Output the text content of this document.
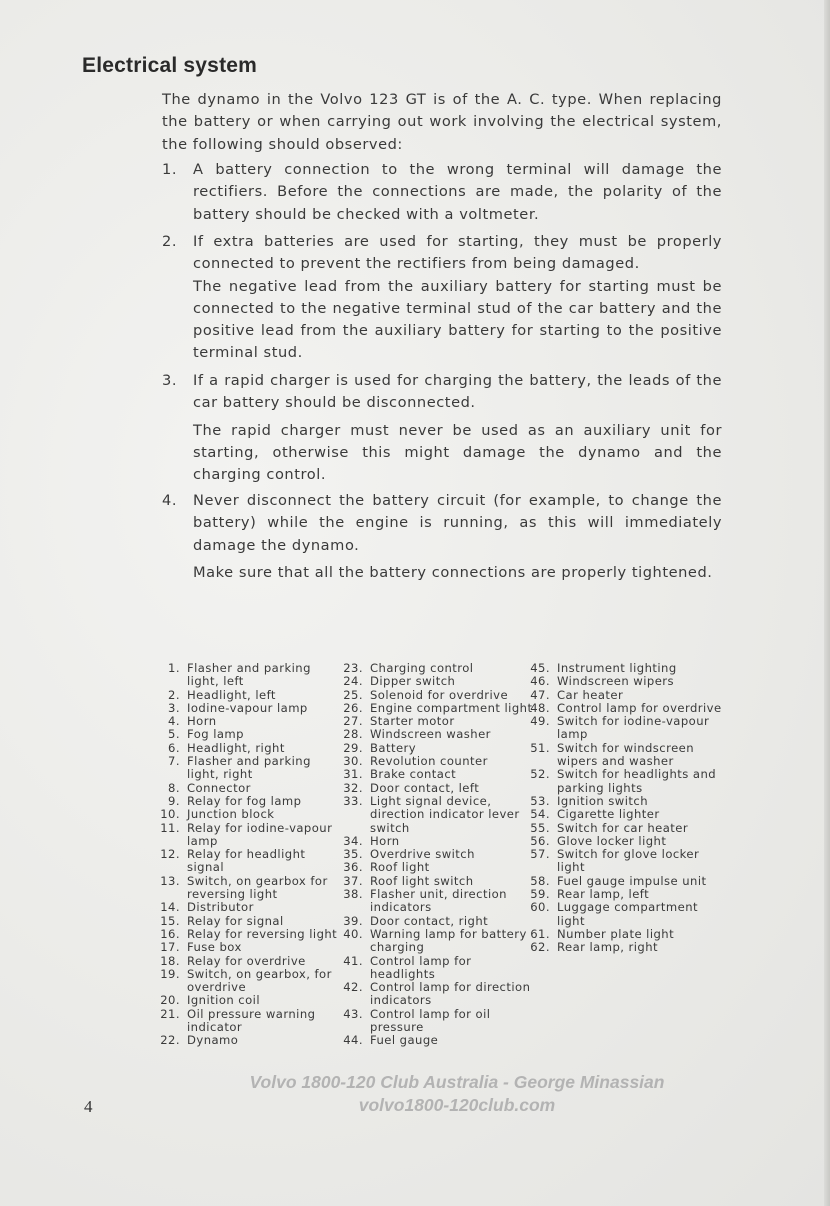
Electrical system

The dynamo in the Volvo 123 GT is of the A. C. type. When replacing the battery or when carrying out work involving the electrical system, the following should observed:

1. A battery connection to the wrong terminal will damage the rectifiers. Before the connections are made, the polarity of the battery should be checked with a voltmeter.

2. If extra batteries are used for starting, they must be properly connected to prevent the rectifiers from being damaged.

The negative lead from the auxiliary battery for starting must be connected to the negative terminal stud of the car battery and the positive lead from the auxiliary battery for starting to the positive terminal stud.

3. If a rapid charger is used for charging the battery, the leads of the car battery should be disconnected.

The rapid charger must never be used as an auxiliary unit for starting, otherwise this might damage the dynamo and the charging control.

4. Never disconnect the battery circuit (for example, to change the battery) while the engine is running, as this will immediately damage the dynamo.

Make sure that all the battery connections are properly tightened.

1. Flasher and parking light, left
2. Headlight, left
3. Iodine-vapour lamp
4. Horn
5. Fog lamp
6. Headlight, right
7. Flasher and parking light, right
8. Connector
9. Relay for fog lamp
10. Junction block
11. Relay for iodine-vapour lamp
12. Relay for headlight signal
13. Switch, on gearbox for reversing light
14. Distributor
15. Relay for signal
16. Relay for reversing light
17. Fuse box
18. Relay for overdrive
19. Switch, on gearbox, for overdrive
20. Ignition coil
21. Oil pressure warning indicator
22. Dynamo
23. Charging control
24. Dipper switch
25. Solenoid for overdrive
26. Engine compartment light
27. Starter motor
28. Windscreen washer
29. Battery
30. Revolution counter
31. Brake contact
32. Door contact, left
33. Light signal device, direction indicator lever switch
34. Horn
35. Overdrive switch
36. Roof light
37. Roof light switch
38. Flasher unit, direction indicators
39. Door contact, right
40. Warning lamp for battery charging
41. Control lamp for headlights
42. Control lamp for direction indicators
43. Control lamp for oil pressure
44. Fuel gauge
45. Instrument lighting
46. Windscreen wipers
47. Car heater
48. Control lamp for overdrive
49. Switch for iodine-vapour lamp
51. Switch for windscreen wipers and washer
52. Switch for headlights and parking lights
53. Ignition switch
54. Cigarette lighter
55. Switch for car heater
56. Glove locker light
57. Switch for glove locker light
58. Fuel gauge impulse unit
59. Rear lamp, left
60. Luggage compartment light
61. Number plate light
62. Rear lamp, right
Volvo 1800-120 Club Australia - George Minassian
volvo1800-120club.com
4
